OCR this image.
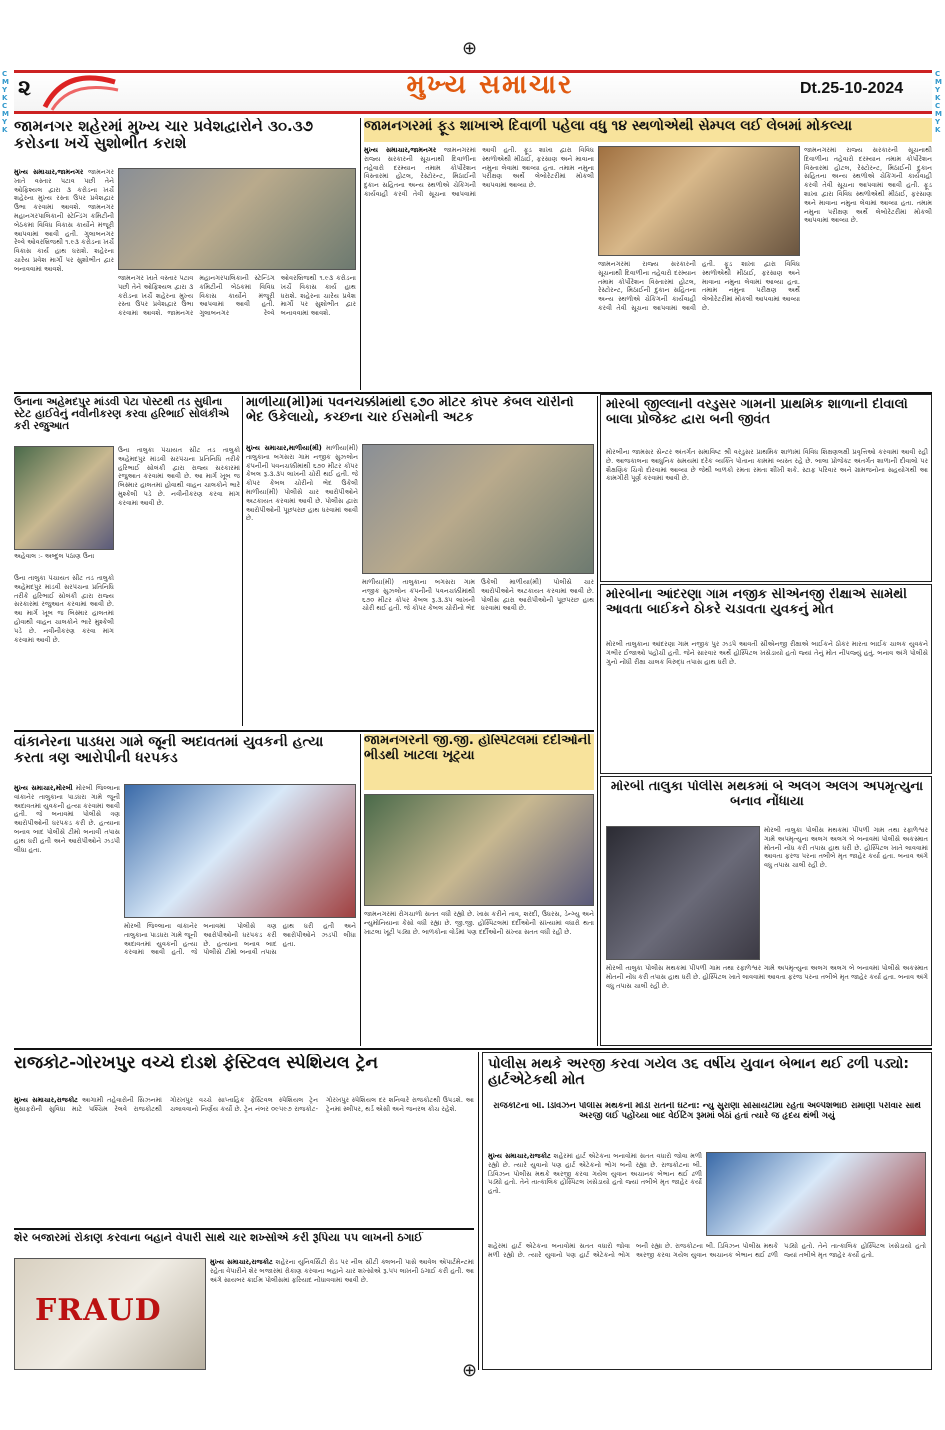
⊕
⊕
CMYKCMYK
CMYKCMYK
૨	મુખ્ય સમાચાર	Dt.25-10-2024
જામનગર શહેરમાં મુખ્ય ચાર પ્રવેશદ્વારોને ૩૦.૩૭ કરોડના ખર્ચે સુશોભીત કરાશે
મુખ્ય સમાચાર,જામનગર જામનગર ખાતે વસ્તાર પટાવ પછી તેને ઓફિશ્યલ દ્વારા ૩ કરોડના ખર્ચે શહેરના મુખ્ય રસ્તા ઉપર પ્રવેશદ્વાર ઉભા કરવામાં આવશે. જામનગર મહાનગરપાલિકાની સ્ટેન્ડિંગ કમિટીની બેઠકમાં વિવિધ વિકાસ કાર્યોને મંજૂરી આપવામાં આવી હતી. ગુલાબનગર રેલ્વે ઓવરબ્રિજથી ૧.૯૩ કરોડના ખર્ચે વિકાસ કાર્ય હાથ ધરાશે. શહેરના ચારેય પ્રવેશ માર્ગો પર સુશોભીત દ્વાર બનાવવામાં આવશે.
જામનગર ખાતે વસ્તાર પટાવ પછી તેને ઓફિશ્યલ દ્વારા ૩ કરોડના ખર્ચે શહેરના મુખ્ય રસ્તા ઉપર પ્રવેશદ્વાર ઉભા કરવામાં આવશે. જામનગર મહાનગરપાલિકાની સ્ટેન્ડિંગ કમિટીની બેઠકમાં વિવિધ વિકાસ કાર્યોને મંજૂરી આપવામાં આવી હતી. ગુલાબનગર રેલ્વે ઓવરબ્રિજથી ૧.૯૩ કરોડના ખર્ચે વિકાસ કાર્ય હાથ ધરાશે. શહેરના ચારેય પ્રવેશ માર્ગો પર સુશોભીત દ્વાર બનાવવામાં આવશે.
જામનગરમાં ફૂડ શાખાએ દિવાળી પહેલા વધુ ૧૪ સ્થળોએથી સેમ્પલ લઈ લેબમાં મોકલ્યા
મુખ્ય સમાચાર,જામનગર જામનગરમાં રાજ્ય સરકારની સૂચનાથી દિવાળીના તહેવારો દરમ્યાન તમામ કોર્પોરેશન વિસ્તારમાં હોટલ, રેસ્ટોરન્ટ, મિઠાઈની દુકાન સહિતના અન્ય સ્થળોએ ચેકિંગની કાર્યવાહી કરવી તેવી સૂચના આપવામાં આવી હતી. ફૂડ શાખા દ્વારા વિવિધ સ્થળોએથી મીઠાઈ, ફરસાણ અને માવાના નમુના લેવામાં આવ્યા હતા. તમામ નમુના પરીક્ષણ અર્થે લેબોરેટરીમાં મોકલી આપવામાં આવ્યા છે.
જામનગરમાં રાજ્ય સરકારની સૂચનાથી દિવાળીના તહેવારો દરમ્યાન તમામ કોર્પોરેશન વિસ્તારમાં હોટલ, રેસ્ટોરન્ટ, મિઠાઈની દુકાન સહિતના અન્ય સ્થળોએ ચેકિંગની કાર્યવાહી કરવી તેવી સૂચના આપવામાં આવી હતી. ફૂડ શાખા દ્વારા વિવિધ સ્થળોએથી મીઠાઈ, ફરસાણ અને માવાના નમુના લેવામાં આવ્યા હતા. તમામ નમુના પરીક્ષણ અર્થે લેબોરેટરીમાં મોકલી આપવામાં આવ્યા છે.
જામનગરમાં રાજ્ય સરકારની સૂચનાથી દિવાળીના તહેવારો દરમ્યાન તમામ કોર્પોરેશન વિસ્તારમાં હોટલ, રેસ્ટોરન્ટ, મિઠાઈની દુકાન સહિતના અન્ય સ્થળોએ ચેકિંગની કાર્યવાહી કરવી તેવી સૂચના આપવામાં આવી હતી. ફૂડ શાખા દ્વારા વિવિધ સ્થળોએથી મીઠાઈ, ફરસાણ અને માવાના નમુના લેવામાં આવ્યા હતા. તમામ નમુના પરીક્ષણ અર્થે લેબોરેટરીમાં મોકલી આપવામાં આવ્યા છે.
ઉનાના અહેમદપુર માંડવી પેટા પોસ્ટથી તડ સુધીના સ્ટેટ હાઈવેનું નવીનીકરણ કરવા હરિભાઈ સોલંકીએ કરી રજુઆત
અહેવાલ :- અબ્દુલ પઠાણ ઉના
ઉના તાલુકા પંચાયત સીટ તડ તાલુકો અહેમદપુર માંડવી સરપંચના પ્રતિનિધિ તરીકે હરિભાઈ સોલંકી દ્વારા રાજ્ય સરકારમાં રજુઆત કરવામાં આવી છે. આ માર્ગ ખૂબ જ બિસ્માર હાલતમાં હોવાથી વાહન ચાલકોને ભારે મુશ્કેલી પડે છે. નવીનીકરણ કરવા માંગ કરવામાં આવી છે.
ઉના તાલુકા પંચાયત સીટ તડ તાલુકો અહેમદપુર માંડવી સરપંચના પ્રતિનિધિ તરીકે હરિભાઈ સોલંકી દ્વારા રાજ્ય સરકારમાં રજુઆત કરવામાં આવી છે. આ માર્ગ ખૂબ જ બિસ્માર હાલતમાં હોવાથી વાહન ચાલકોને ભારે મુશ્કેલી પડે છે. નવીનીકરણ કરવા માંગ કરવામાં આવી છે.
માળીયા(મી)માં પવનચક્કીમાંથી ૬૭૦ મીટર કોપર કેબલ ચોરીનો ભેદ ઉકેલાયો, કચ્છના ચાર ઈસમોની અટક
મુખ્ય સમાચાર,માળીયા(મી) માળીયા(મી) તાલુકાના બગસરા ગામ નજીક સુઝલોન કંપનીની પવનચક્કીમાંથી ૬૭૦ મીટર કોપર કેબલ રૂ.૩.૩૫ લાખની ચોરી થઈ હતી. જે કોપર કેબલ ચોરીનો ભેદ ઉકેલી માળીયા(મી) પોલીસે ચાર આરોપીઓને અટકાયત કરવામાં આવી છે. પોલીસ દ્વારા આરોપીઓની પૂછપરછ હાથ ધરવામાં આવી છે.
માળીયા(મી) તાલુકાના બગસરા ગામ નજીક સુઝલોન કંપનીની પવનચક્કીમાંથી ૬૭૦ મીટર કોપર કેબલ રૂ.૩.૩૫ લાખની ચોરી થઈ હતી. જે કોપર કેબલ ચોરીનો ભેદ ઉકેલી માળીયા(મી) પોલીસે ચાર આરોપીઓને અટકાયત કરવામાં આવી છે. પોલીસ દ્વારા આરોપીઓની પૂછપરછ હાથ ધરવામાં આવી છે.
મોરબી જીલ્લાની વરડુસર ગામની પ્રાથમિક શાળાની દીવાલો બાલા પ્રોજેક્ટ દ્વારા બની જીવંત
મોરબીના જામસર સેન્ટર અંતર્ગત સમાવિષ્ટ શ્રી વરડુસર પ્રાથમિક શાળામાં વિવિધ શિક્ષણલક્ષી પ્રવૃત્તિઓ કરવામાં આવી રહી છે. આજકાલના આધુનિક સમયમાં દરેક વ્યક્તિ પોતાના કામમાં વ્યસ્ત રહે છે. બાલા પ્રોજેક્ટ અંતર્ગત શાળાની દીવાલો પર શૈક્ષણિક ચિત્રો દોરવામાં આવ્યા છે જેથી બાળકો રમતા રમતા શીખી શકે. સ્ટાફ પરિવાર અને ગ્રામજનોના સહયોગથી આ કામગીરી પૂર્ણ કરવામાં આવી છે.
મોરબીના આંદરણા ગામ નજીક સીએનજી રીક્ષાએ સામેથી આવતા બાઈકને ઠોકરે ચડાવતા યુવકનું મોત
મોરબી તાલુકાના આંદરણા ગામ નજીક પુર ઝડપે આવતી સીએનજી રીક્ષાએ બાઈકને ઠોકર મારતા બાઈક ચાલક યુવકને ગંભીર ઈજાઓ પહોંચી હતી. જેને સારવાર અર્થે હોસ્પિટલ ખસેડાયો હતો જ્યાં તેનું મોત નીપજ્યું હતું. બનાવ અંગે પોલીસે ગુનો નોંધી રીક્ષા ચાલક વિરુદ્ધ તપાસ હાથ ધરી છે.
મોરબી તાલુકા પોલીસ મથકમાં બે અલગ અલગ અપમૃત્યુના બનાવ નોંધાયા
મોરબી તાલુકા પોલીસ મથકમાં પીપળી ગામ તથા રફાળેશ્વર ગામે અપમૃત્યુના અલગ અલગ બે બનાવમાં પોલીસે અકસ્માત મોતની નોંધ કરી તપાસ હાથ ધરી છે. હોસ્પિટલ ખાતે લાવવામાં આવતા ફરજ પરના તબીબે મૃત જાહેર કર્યા હતા. બનાવ અંગે વધુ તપાસ ચાલી રહી છે.
મોરબી તાલુકા પોલીસ મથકમાં પીપળી ગામ તથા રફાળેશ્વર ગામે અપમૃત્યુના અલગ અલગ બે બનાવમાં પોલીસે અકસ્માત મોતની નોંધ કરી તપાસ હાથ ધરી છે. હોસ્પિટલ ખાતે લાવવામાં આવતા ફરજ પરના તબીબે મૃત જાહેર કર્યા હતા. બનાવ અંગે વધુ તપાસ ચાલી રહી છે.
વાંકાનેરના પાડધરા ગામે જૂની અદાવતમાં યુવકની હત્યા કરતા ત્રણ આરોપીની ધરપકડ
મુખ્ય સમાચાર,મોરબી મોરબી જિલ્લાના વાંકાનેર તાલુકાના પાડધરા ગામે જૂની અદાવતમાં યુવકની હત્યા કરવામાં આવી હતી. જે બનાવમાં પોલીસે ત્રણ આરોપીઓની ધરપકડ કરી છે. હત્યાના બનાવ બાદ પોલીસે ટીમો બનાવી તપાસ હાથ ધરી હતી અને આરોપીઓને ઝડપી લીધા હતા.
મોરબી જિલ્લાના વાંકાનેર તાલુકાના પાડધરા ગામે જૂની અદાવતમાં યુવકની હત્યા કરવામાં આવી હતી. જે બનાવમાં પોલીસે ત્રણ આરોપીઓની ધરપકડ કરી છે. હત્યાના બનાવ બાદ પોલીસે ટીમો બનાવી તપાસ હાથ ધરી હતી અને આરોપીઓને ઝડપી લીધા હતા.
જામનગરની જી.જી. હોસ્પિટલમાં દર્દીઓની ભીડથી ખાટલા ખૂટ્યા
જામનગરમાં રોગચાળો સતત વધી રહ્યો છે. ખાસ કરીને તાવ, શરદી, ઉધરસ, ડેન્ગ્યુ અને ન્યુમોનિયાના કેસો વધી રહ્યા છે. જી.જી. હોસ્પિટલમાં દર્દીઓની સંખ્યામાં વધારો થતા ખાટલા ખૂટી પડ્યા છે. બાળકોના વોર્ડમાં પણ દર્દીઓની સંખ્યા સતત વધી રહી છે.
રાજકોટ-ગોરખપુર વચ્ચે દોડશે ફેસ્ટિવલ સ્પેશિયલ ટ્રેન
મુખ્ય સમાચાર,રાજકોટ આગામી તહેવારોની સિઝનમાં મુસાફરોની સુવિધા માટે પશ્ચિમ રેલવે રાજકોટથી ગોરખપુર વચ્ચે સાપ્તાહિક ફેસ્ટિવલ સ્પેશિયલ ટ્રેન ચલાવવાનો નિર્ણય કર્યો છે. ટ્રેન નંબર ૦૯૫૯૭ રાજકોટ-ગોરખપુર સ્પેશિયલ દર શનિવારે રાજકોટથી ઉપડશે. આ ટ્રેનમાં સ્લીપર, થર્ડ એસી અને જનરલ કોચ રહેશે.
પોલીસ મથકે અરજી કરવા ગયેલ ૩૬ વર્ષીય યુવાન બેભાન થઈ ઢળી પડ્યો: હાર્ટએટેકથી મોત
રાજકોટના બી. ડિવિઝન પોલીસ મથકની મોડી રાતની ઘટના: ન્યુ સુરાણા સોસાયટીમાં રહેતાં અલ્પેશભાઈ રામાણી પરીવાર સાથે અરજી લઈ પહોંચ્યા બાદ વેઈટિંગ રૂમમાં બેઠાં હતાં ત્યારે જ હૃદય થંભી ગયું
મુખ્ય સમાચાર,રાજકોટ શહેરમાં હાર્ટ એટેકના બનાવોમાં સતત વધારો જોવા મળી રહ્યો છે. ત્યારે યુવાનો પણ હાર્ટ એટેકનો ભોગ બની રહ્યા છે. રાજકોટના બી. ડિવિઝન પોલીસ મથકે અરજી કરવા ગયેલ યુવાન અચાનક બેભાન થઈ ઢળી પડ્યો હતો. તેને તાત્કાલિક હોસ્પિટલ ખસેડાયો હતો જ્યાં તબીબે મૃત જાહેર કર્યો હતો.
શહેરમાં હાર્ટ એટેકના બનાવોમાં સતત વધારો જોવા મળી રહ્યો છે. ત્યારે યુવાનો પણ હાર્ટ એટેકનો ભોગ બની રહ્યા છે. રાજકોટના બી. ડિવિઝન પોલીસ મથકે અરજી કરવા ગયેલ યુવાન અચાનક બેભાન થઈ ઢળી પડ્યો હતો. તેને તાત્કાલિક હોસ્પિટલ ખસેડાયો હતો જ્યાં તબીબે મૃત જાહેર કર્યો હતો.
શેર બજારમાં રોકાણ કરવાના બહાને વેપારી સાથે ચાર શખ્સોએ કરી રૂપિયા ૫૫ લાખની ઠગાઈ
FRAUD
મુખ્ય સમાચાર,રાજકોટ શહેરના યુનિવર્સિટી રોડ પર નીલ સીટી ક્લબની પાસે આવેલ એપાર્ટમેન્ટમાં રહેતા વેપારીને શેર બજારમાં રોકાણ કરવાના બહાને ચાર શખ્સોએ રૂ.૫૫ લાખની ઠગાઈ કરી હતી. આ અંગે સાયબર ક્રાઈમ પોલીસમાં ફરિયાદ નોંધાવવામાં આવી છે.
